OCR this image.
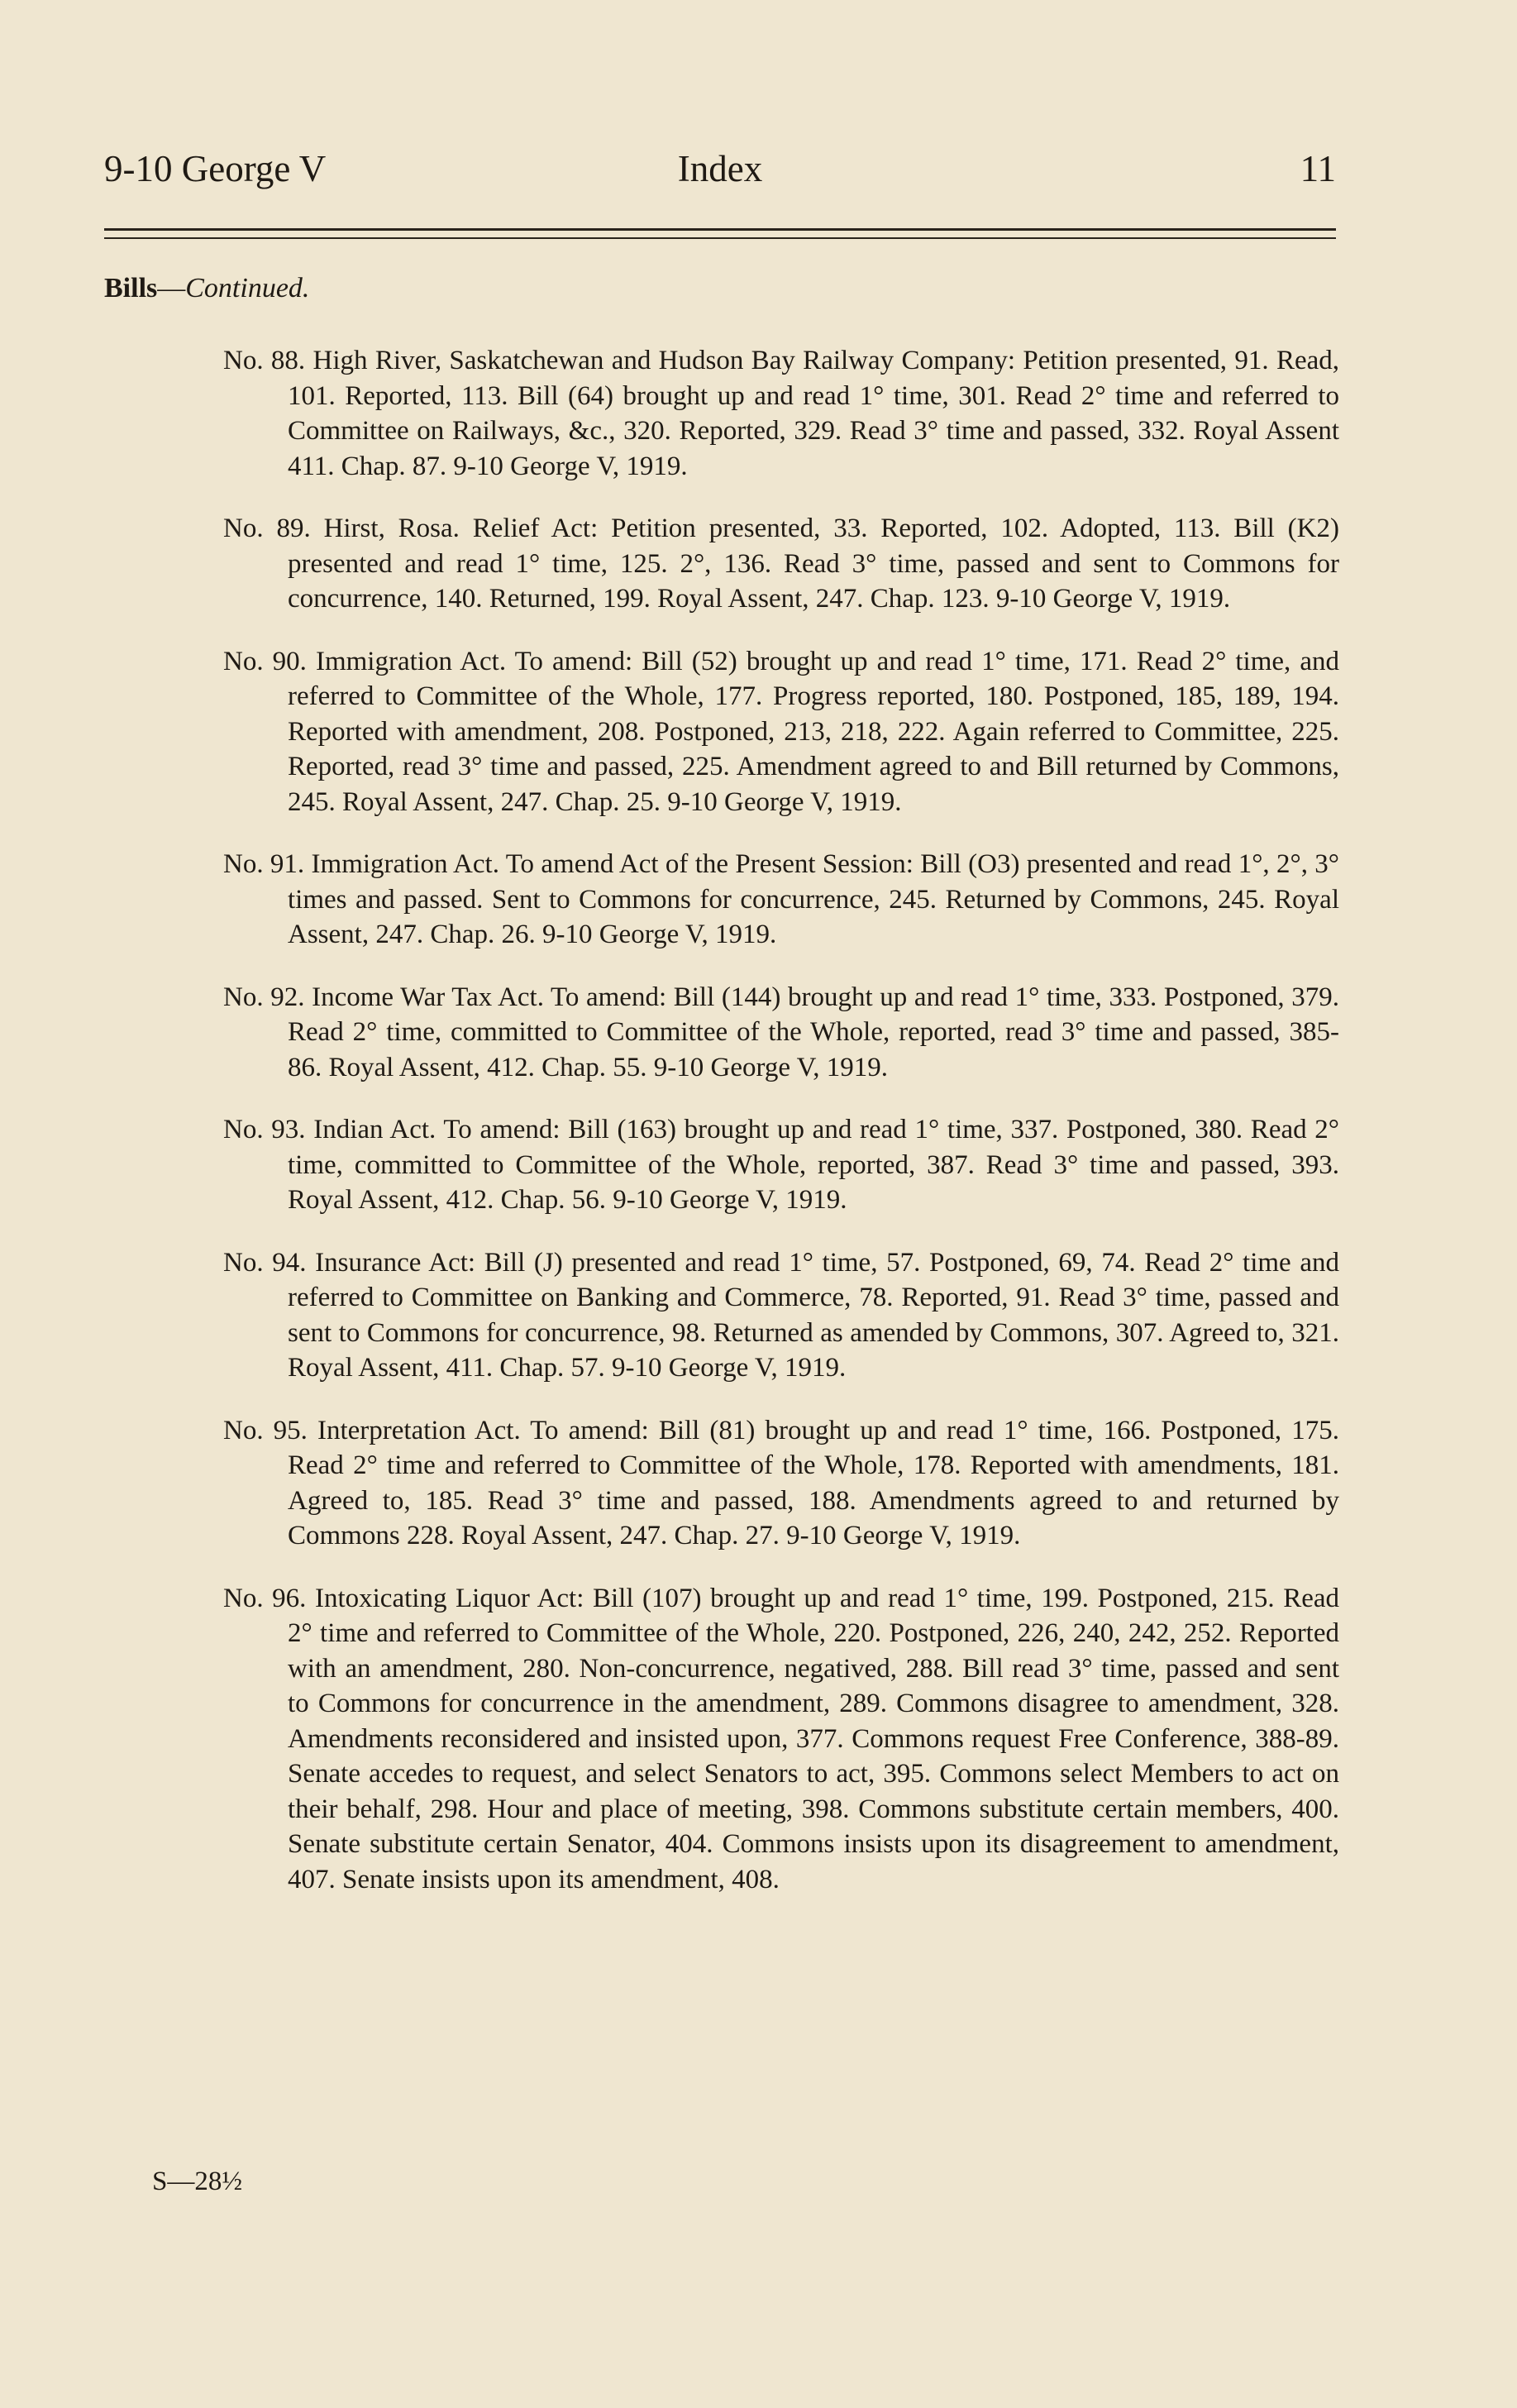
9-10 George V	Index	11
Bills—Continued.

No. 88. High River, Saskatchewan and Hudson Bay Railway Company: Petition presented, 91. Read, 101. Reported, 113. Bill (64) brought up and read 1° time, 301. Read 2° time and referred to Committee on Railways, &c., 320. Reported, 329. Read 3° time and passed, 332. Royal Assent 411. Chap. 87. 9-10 George V, 1919.

No. 89. Hirst, Rosa. Relief Act: Petition presented, 33. Reported, 102. Adopted, 113. Bill (K2) presented and read 1° time, 125. 2°, 136. Read 3° time, passed and sent to Commons for concurrence, 140. Returned, 199. Royal Assent, 247. Chap. 123. 9-10 George V, 1919.

No. 90. Immigration Act. To amend: Bill (52) brought up and read 1° time, 171. Read 2° time, and referred to Committee of the Whole, 177. Progress reported, 180. Postponed, 185, 189, 194. Reported with amendment, 208. Postponed, 213, 218, 222. Again referred to Committee, 225. Reported, read 3° time and passed, 225. Amendment agreed to and Bill returned by Commons, 245. Royal Assent, 247. Chap. 25. 9-10 George V, 1919.

No. 91. Immigration Act. To amend Act of the Present Session: Bill (O3) presented and read 1°, 2°, 3° times and passed. Sent to Commons for concurrence, 245. Returned by Commons, 245. Royal Assent, 247. Chap. 26. 9-10 George V, 1919.

No. 92. Income War Tax Act. To amend: Bill (144) brought up and read 1° time, 333. Postponed, 379. Read 2° time, committed to Committee of the Whole, reported, read 3° time and passed, 385-86. Royal Assent, 412. Chap. 55. 9-10 George V, 1919.

No. 93. Indian Act. To amend: Bill (163) brought up and read 1° time, 337. Postponed, 380. Read 2° time, committed to Committee of the Whole, reported, 387. Read 3° time and passed, 393. Royal Assent, 412. Chap. 56. 9-10 George V, 1919.

No. 94. Insurance Act: Bill (J) presented and read 1° time, 57. Postponed, 69, 74. Read 2° time and referred to Committee on Banking and Commerce, 78. Reported, 91. Read 3° time, passed and sent to Commons for concurrence, 98. Returned as amended by Commons, 307. Agreed to, 321. Royal Assent, 411. Chap. 57. 9-10 George V, 1919.

No. 95. Interpretation Act. To amend: Bill (81) brought up and read 1° time, 166. Postponed, 175. Read 2° time and referred to Committee of the Whole, 178. Reported with amendments, 181. Agreed to, 185. Read 3° time and passed, 188. Amendments agreed to and returned by Commons 228. Royal Assent, 247. Chap. 27. 9-10 George V, 1919.

No. 96. Intoxicating Liquor Act: Bill (107) brought up and read 1° time, 199. Postponed, 215. Read 2° time and referred to Committee of the Whole, 220. Postponed, 226, 240, 242, 252. Reported with an amendment, 280. Non-concurrence, negatived, 288. Bill read 3° time, passed and sent to Commons for concurrence in the amendment, 289. Commons disagree to amendment, 328. Amendments reconsidered and insisted upon, 377. Commons request Free Conference, 388-89. Senate accedes to request, and select Senators to act, 395. Commons select Members to act on their behalf, 298. Hour and place of meeting, 398. Commons substitute certain members, 400. Senate substitute certain Senator, 404. Commons insists upon its disagreement to amendment, 407. Senate insists upon its amendment, 408.

S—28½
